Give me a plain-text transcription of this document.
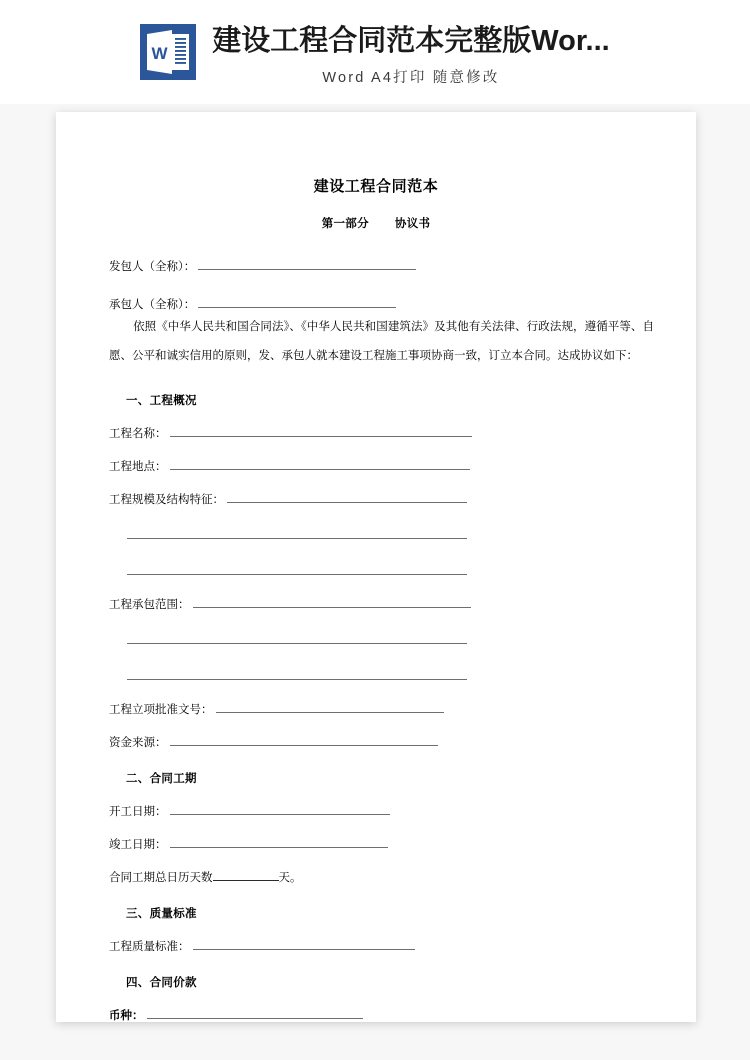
W 建设工程合同范本完整版Wor...
Word A4打印 随意修改
建设工程合同范本
第一部分 协议书
发包人（全称）：
承包人（全称）：
依照《中华人民共和国合同法》、《中华人民共和国建筑法》及其他有关法律、行政法规，遵循平等、自愿、公平和诚实信用的原则，发、承包人就本建设工程施工事项协商一致，订立本合同。达成协议如下：
一、工程概况
工程名称：
工程地点：
工程规模及结构特征：
工程承包范围：
工程立项批准文号：
资金来源：
二、合同工期
开工日期：
竣工日期：
合同工期总日历天数	天。
三、质量标准
工程质量标准：
四、合同价款
币种：
